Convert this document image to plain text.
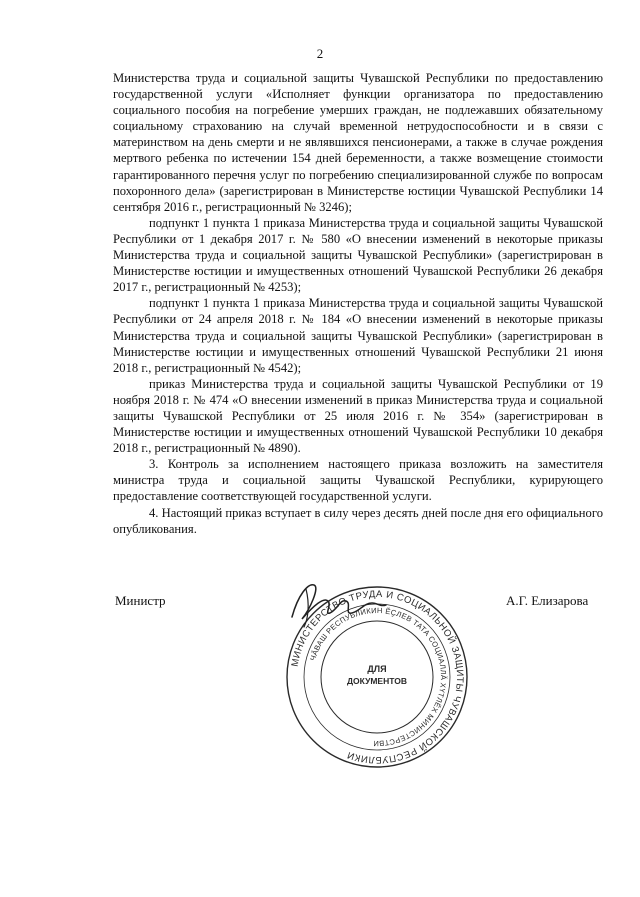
2

Министерства труда и социальной защиты Чувашской Республики по предоставлению государственной услуги «Исполняет функции организатора по предоставлению социального пособия на погребение умерших граждан, не подлежавших обязательному социальному страхованию на случай временной нетрудоспособности и в связи с материнством на день смерти и не являвшихся пенсионерами, а также в случае рождения мертвого ребенка по истечении 154 дней беременности, а также возмещение стоимости гарантированного перечня услуг по погребению специализированной службе по вопросам похоронного дела» (зарегистрирован в Министерстве юстиции Чувашской Республики 14 сентября 2016 г., регистрационный № 3246);

подпункт 1 пункта 1 приказа Министерства труда и социальной защиты Чувашской Республики от 1 декабря 2017 г. № 580 «О внесении изменений в некоторые приказы Министерства труда и социальной защиты Чувашской Республики» (зарегистрирован в Министерстве юстиции и имущественных отношений Чувашской Республики 26 декабря 2017 г., регистрационный № 4253);

подпункт 1 пункта 1 приказа Министерства труда и социальной защиты Чувашской Республики от 24 апреля 2018 г. № 184 «О внесении изменений в некоторые приказы Министерства труда и социальной защиты Чувашской Республики» (зарегистрирован в Министерстве юстиции и имущественных отношений Чувашской Республики 21 июня 2018 г., регистрационный № 4542);

приказ Министерства труда и социальной защиты Чувашской Республики от 19 ноября 2018 г. № 474 «О внесении изменений в приказ Министерства труда и социальной защиты Чувашской Республики от 25 июля 2016 г. № 354» (зарегистрирован в Министерстве юстиции и имущественных отношений Чувашской Республики 10 декабря 2018 г., регистрационный № 4890).

3. Контроль за исполнением настоящего приказа возложить на заместителя министра труда и социальной защиты Чувашской Республики, курирующего предоставление соответствующей государственной услуги.

4. Настоящий приказ вступает в силу через десять дней после дня его официального опубликования.

Министр	А.Г. Елизарова
МИНИСТЕРСТВО ТРУДА И СОЦИАЛЬНОЙ ЗАЩИТЫ ЧУВАШСКОЙ РЕСПУБЛИКИ
ЧӐВАШ РЕСПУБЛИКИН ӖҪЛЕВ ТАТА СОЦИАЛЛӐ ХҮТЛӖХ МИНИСТЕРСТВИ
ДЛЯ
ДОКУМЕНТОВ
